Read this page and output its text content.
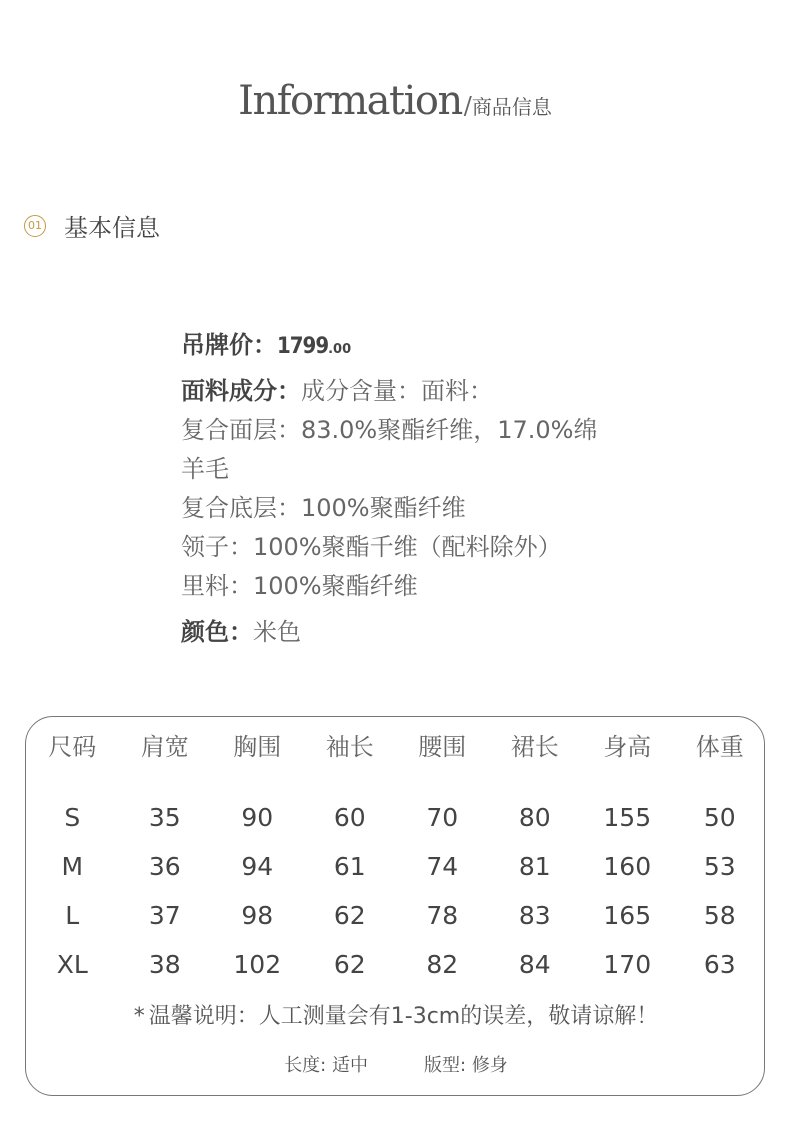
Information/商品信息
01 基本信息
吊牌价：1799.00
面料成分：成分含量：面料：
复合面层：83.0%聚酯纤维，17.0%绵
羊毛
复合底层：100%聚酯纤维
领子：100%聚酯千维（配料除外）
里料：100%聚酯纤维
颜色：米色
尺码	肩宽	胸围	袖长	腰围	裙长	身高	体重
S	35	90	60	70	80	155	50
M	36	94	61	74	81	160	53
L	37	98	62	78	83	165	58
XL	38	102	62	82	84	170	63
* 温馨说明：人工测量会有1-3cm的误差，敬请谅解！
长度: 适中	版型: 修身
